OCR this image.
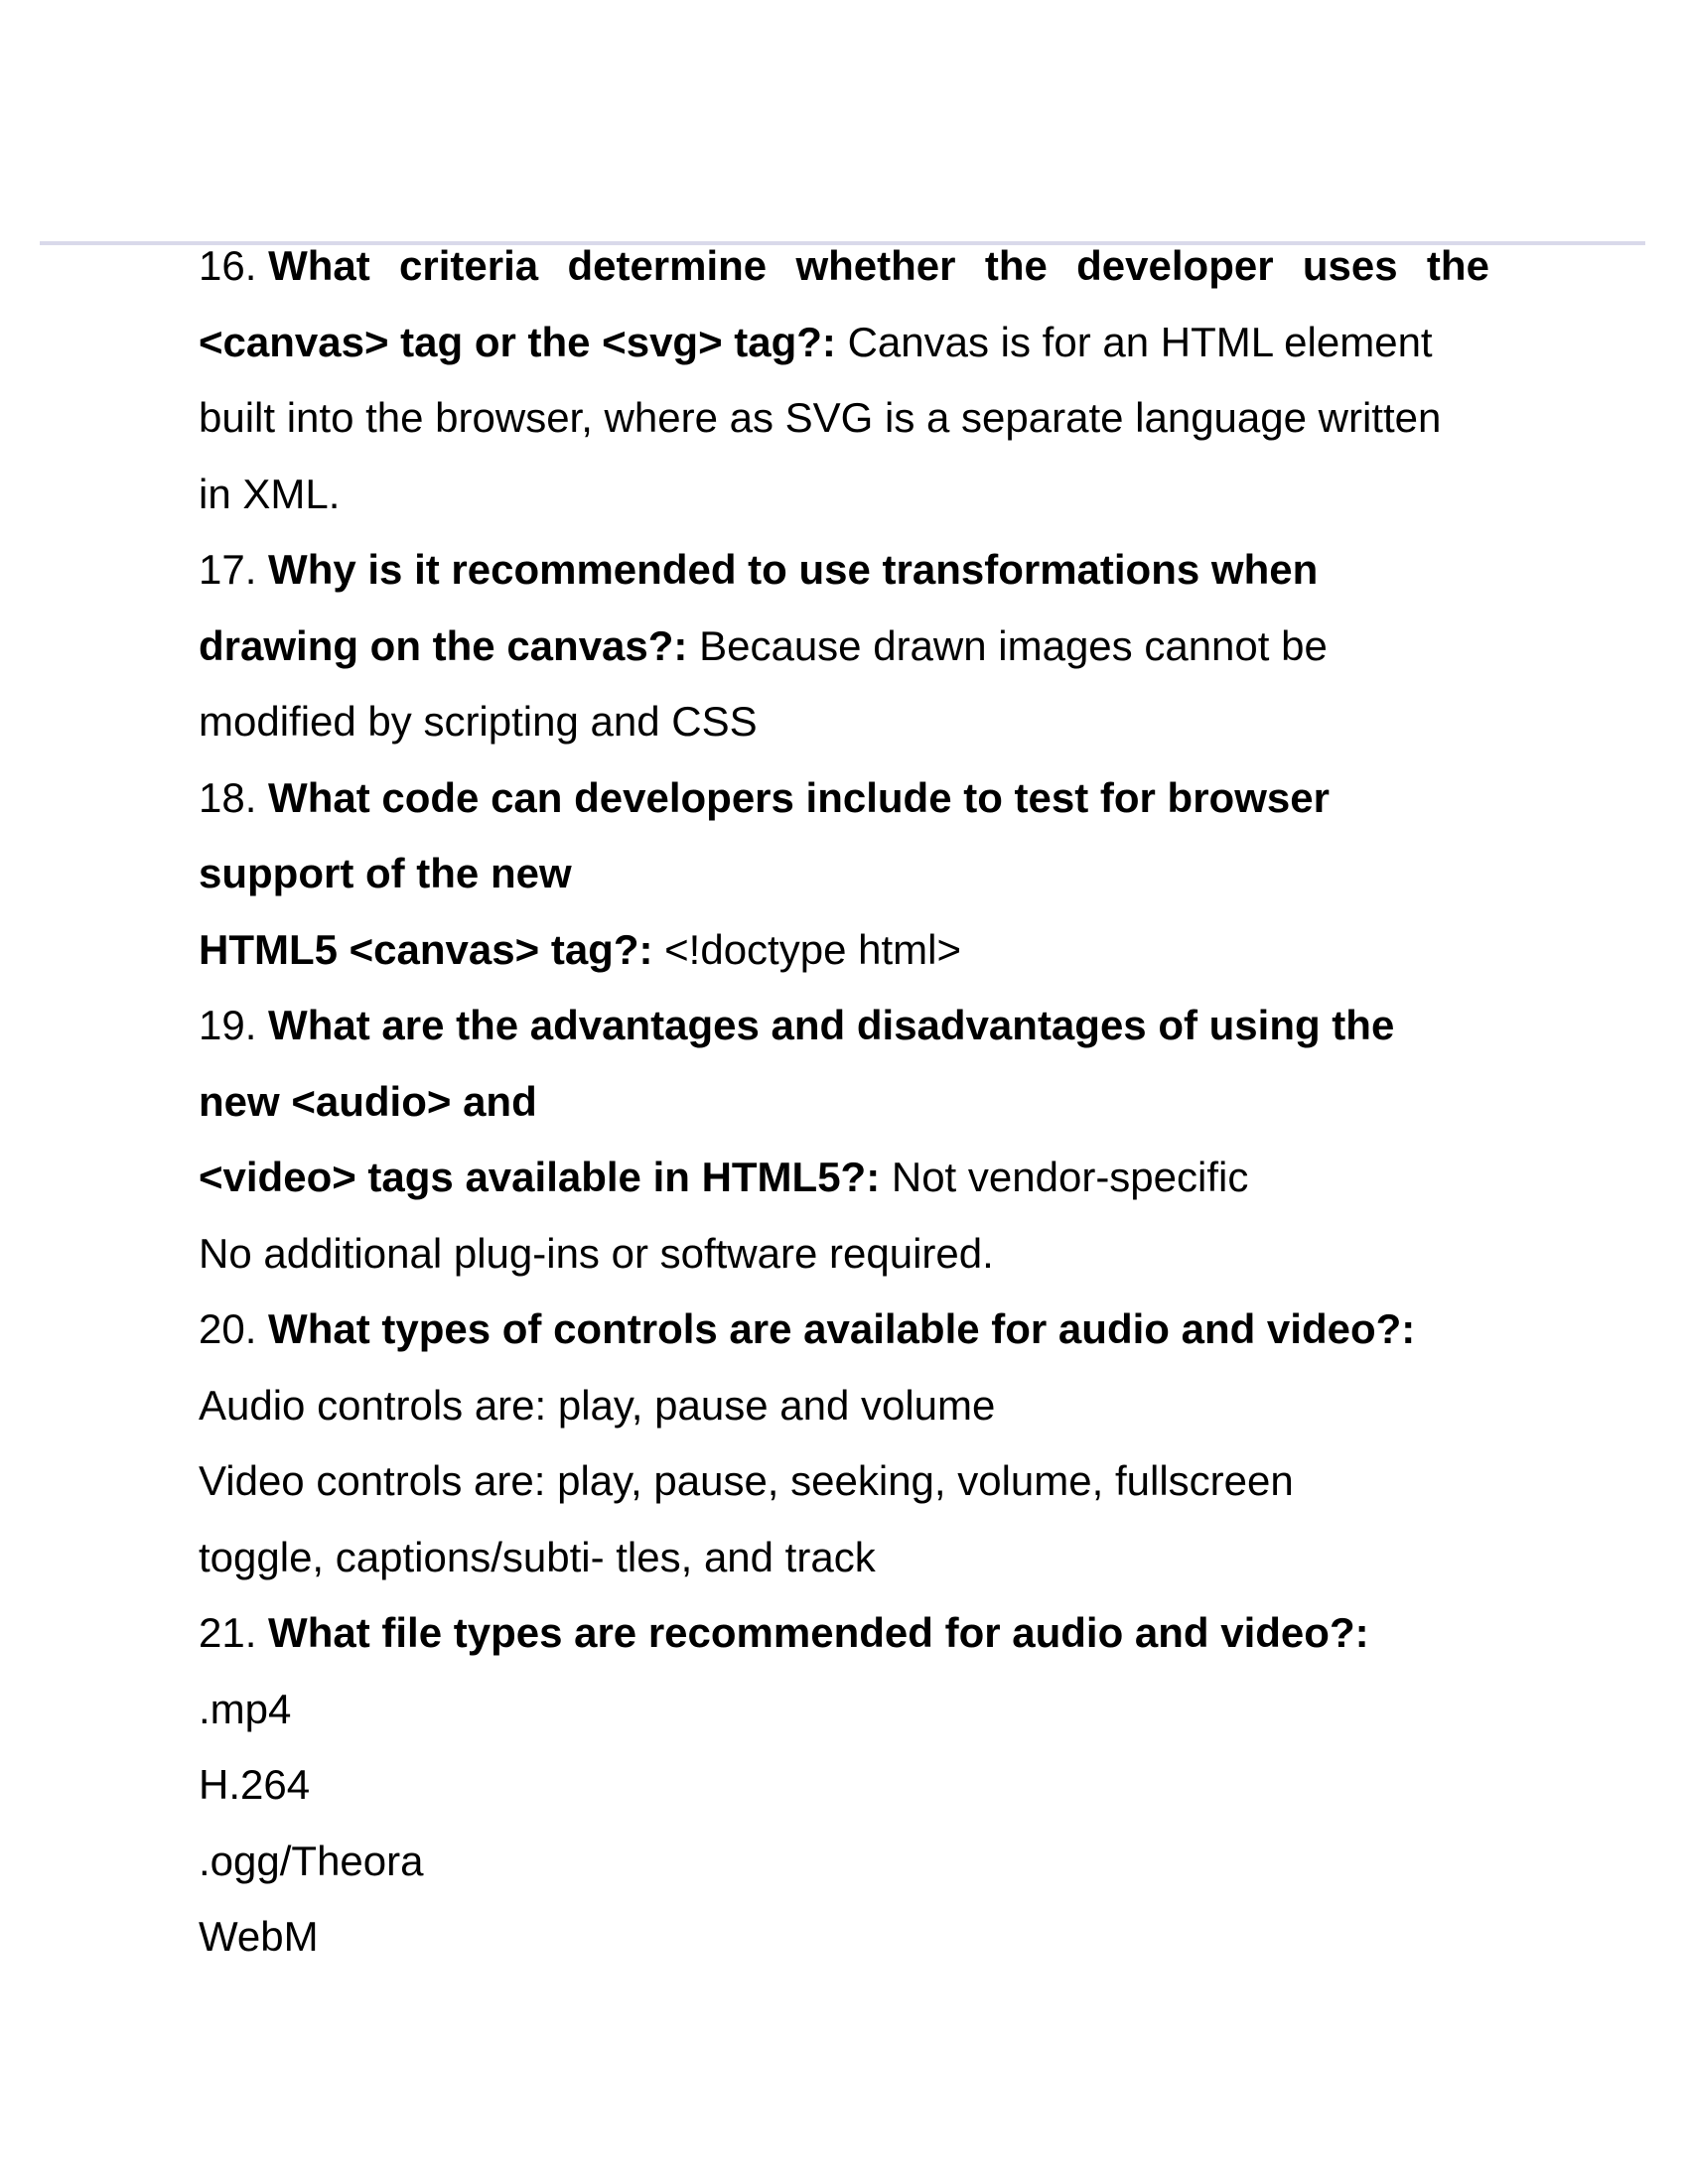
16. What criteria determine whether the developer uses the
<canvas> tag or the <svg> tag?: Canvas is for an HTML element
built into the browser, where as SVG is a separate language written
in XML.
17. Why is it recommended to use transformations when
drawing on the canvas?: Because drawn images cannot be
modified by scripting and CSS
18. What code can developers include to test for browser
support of the new
HTML5 <canvas> tag?: <!doctype html>
19. What are the advantages and disadvantages of using the
new <audio> and
<video> tags available in HTML5?: Not vendor-specific
No additional plug-ins or software required.
20. What types of controls are available for audio and video?:
Audio controls are: play, pause and volume
Video controls are: play, pause, seeking, volume, fullscreen
toggle, captions/subti- tles, and track
21. What file types are recommended for audio and video?:
.mp4
H.264
.ogg/Theora
WebM
